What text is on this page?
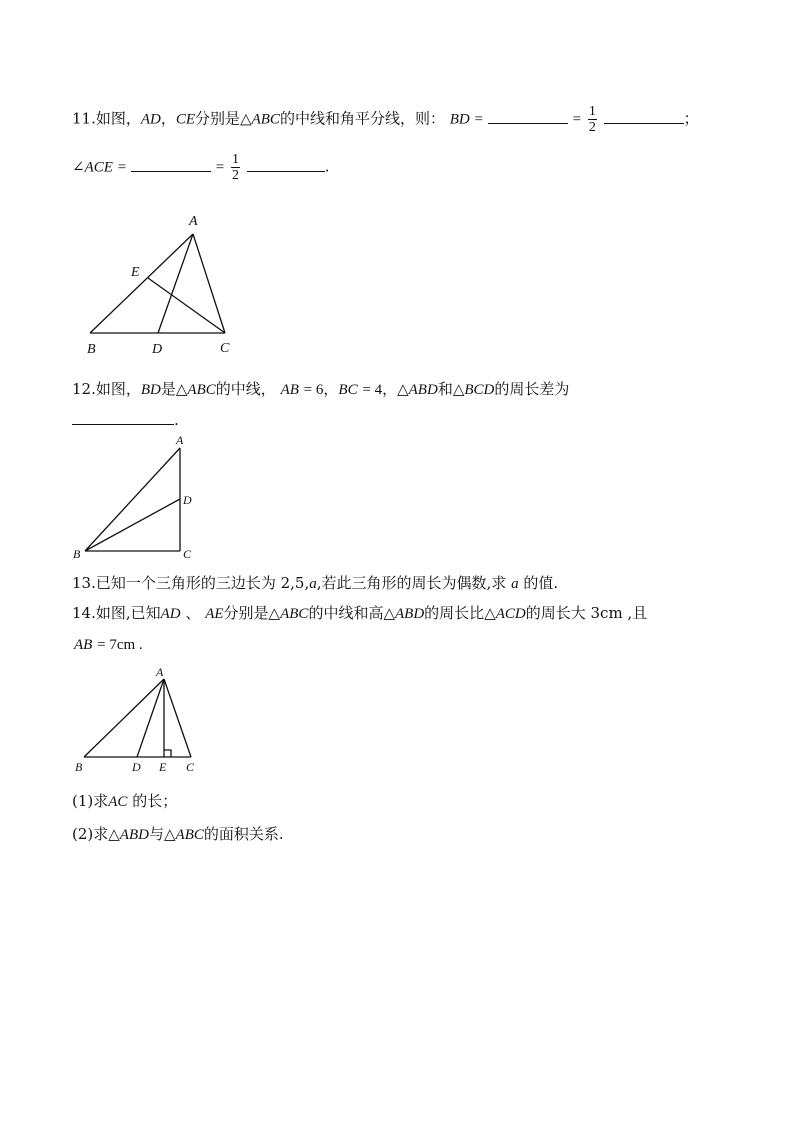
11.如图，AD，CE分别是△ABC的中线和角平分线，则： BD =	= $\frac{1}{2}$	；
∠ACE =	= $\frac{1}{2}$	.
A
E
B	D	C
12.如图，BD是△ABC的中线， AB = 6，BC = 4，△ABD和△BCD的周长差为
.
A
D
B	C
13.已知一个三角形的三边长为 2,5,a,若此三角形的周长为偶数,求 a 的值.
14.如图,已知AD 、 AE分别是△ABC的中线和高△ABD的周长比△ACD的周长大 3cm ,且
AB = 7cm .
A
B	D E C
(1)求AC 的长；
(2)求△ABD与△ABC的面积关系.
